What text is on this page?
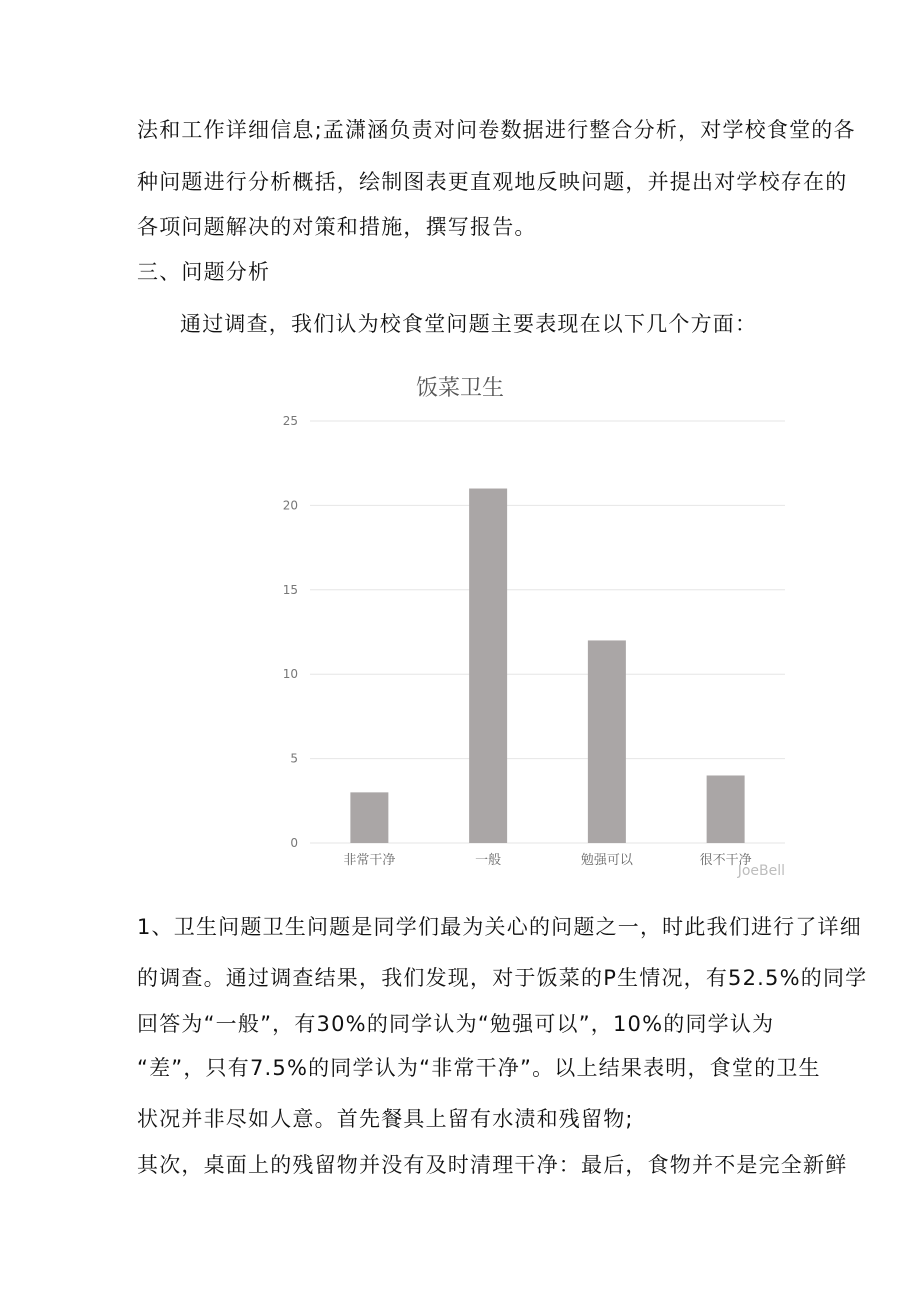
法和工作详细信息;孟潇涵负责对问卷数据进行整合分析，对学校食堂的各

种问题进行分析概括，绘制图表更直观地反映问题，并提出对学校存在的

各项问题解决的对策和措施，撰写报告。

三、问题分析

通过调查，我们认为校食堂问题主要表现在以下几个方面：

0
5
10
15
20
25
非常干净	一般	勉强可以	很不干净
饭菜卫生
JoeBell

1、卫生问题卫生问题是同学们最为关心的问题之一，时此我们进行了详细

的调查。通过调查结果，我们发现，对于饭菜的P生情况，有52.5%的同学

回答为“一般”，有30%的同学认为“勉强可以”，10%的同学认为

“差”，只有7.5%的同学认为“非常干净”。以上结果表明，食堂的卫生

状况并非尽如人意。首先餐具上留有水渍和残留物;

其次，桌面上的残留物并没有及时清理干净：最后，食物并不是完全新鲜
